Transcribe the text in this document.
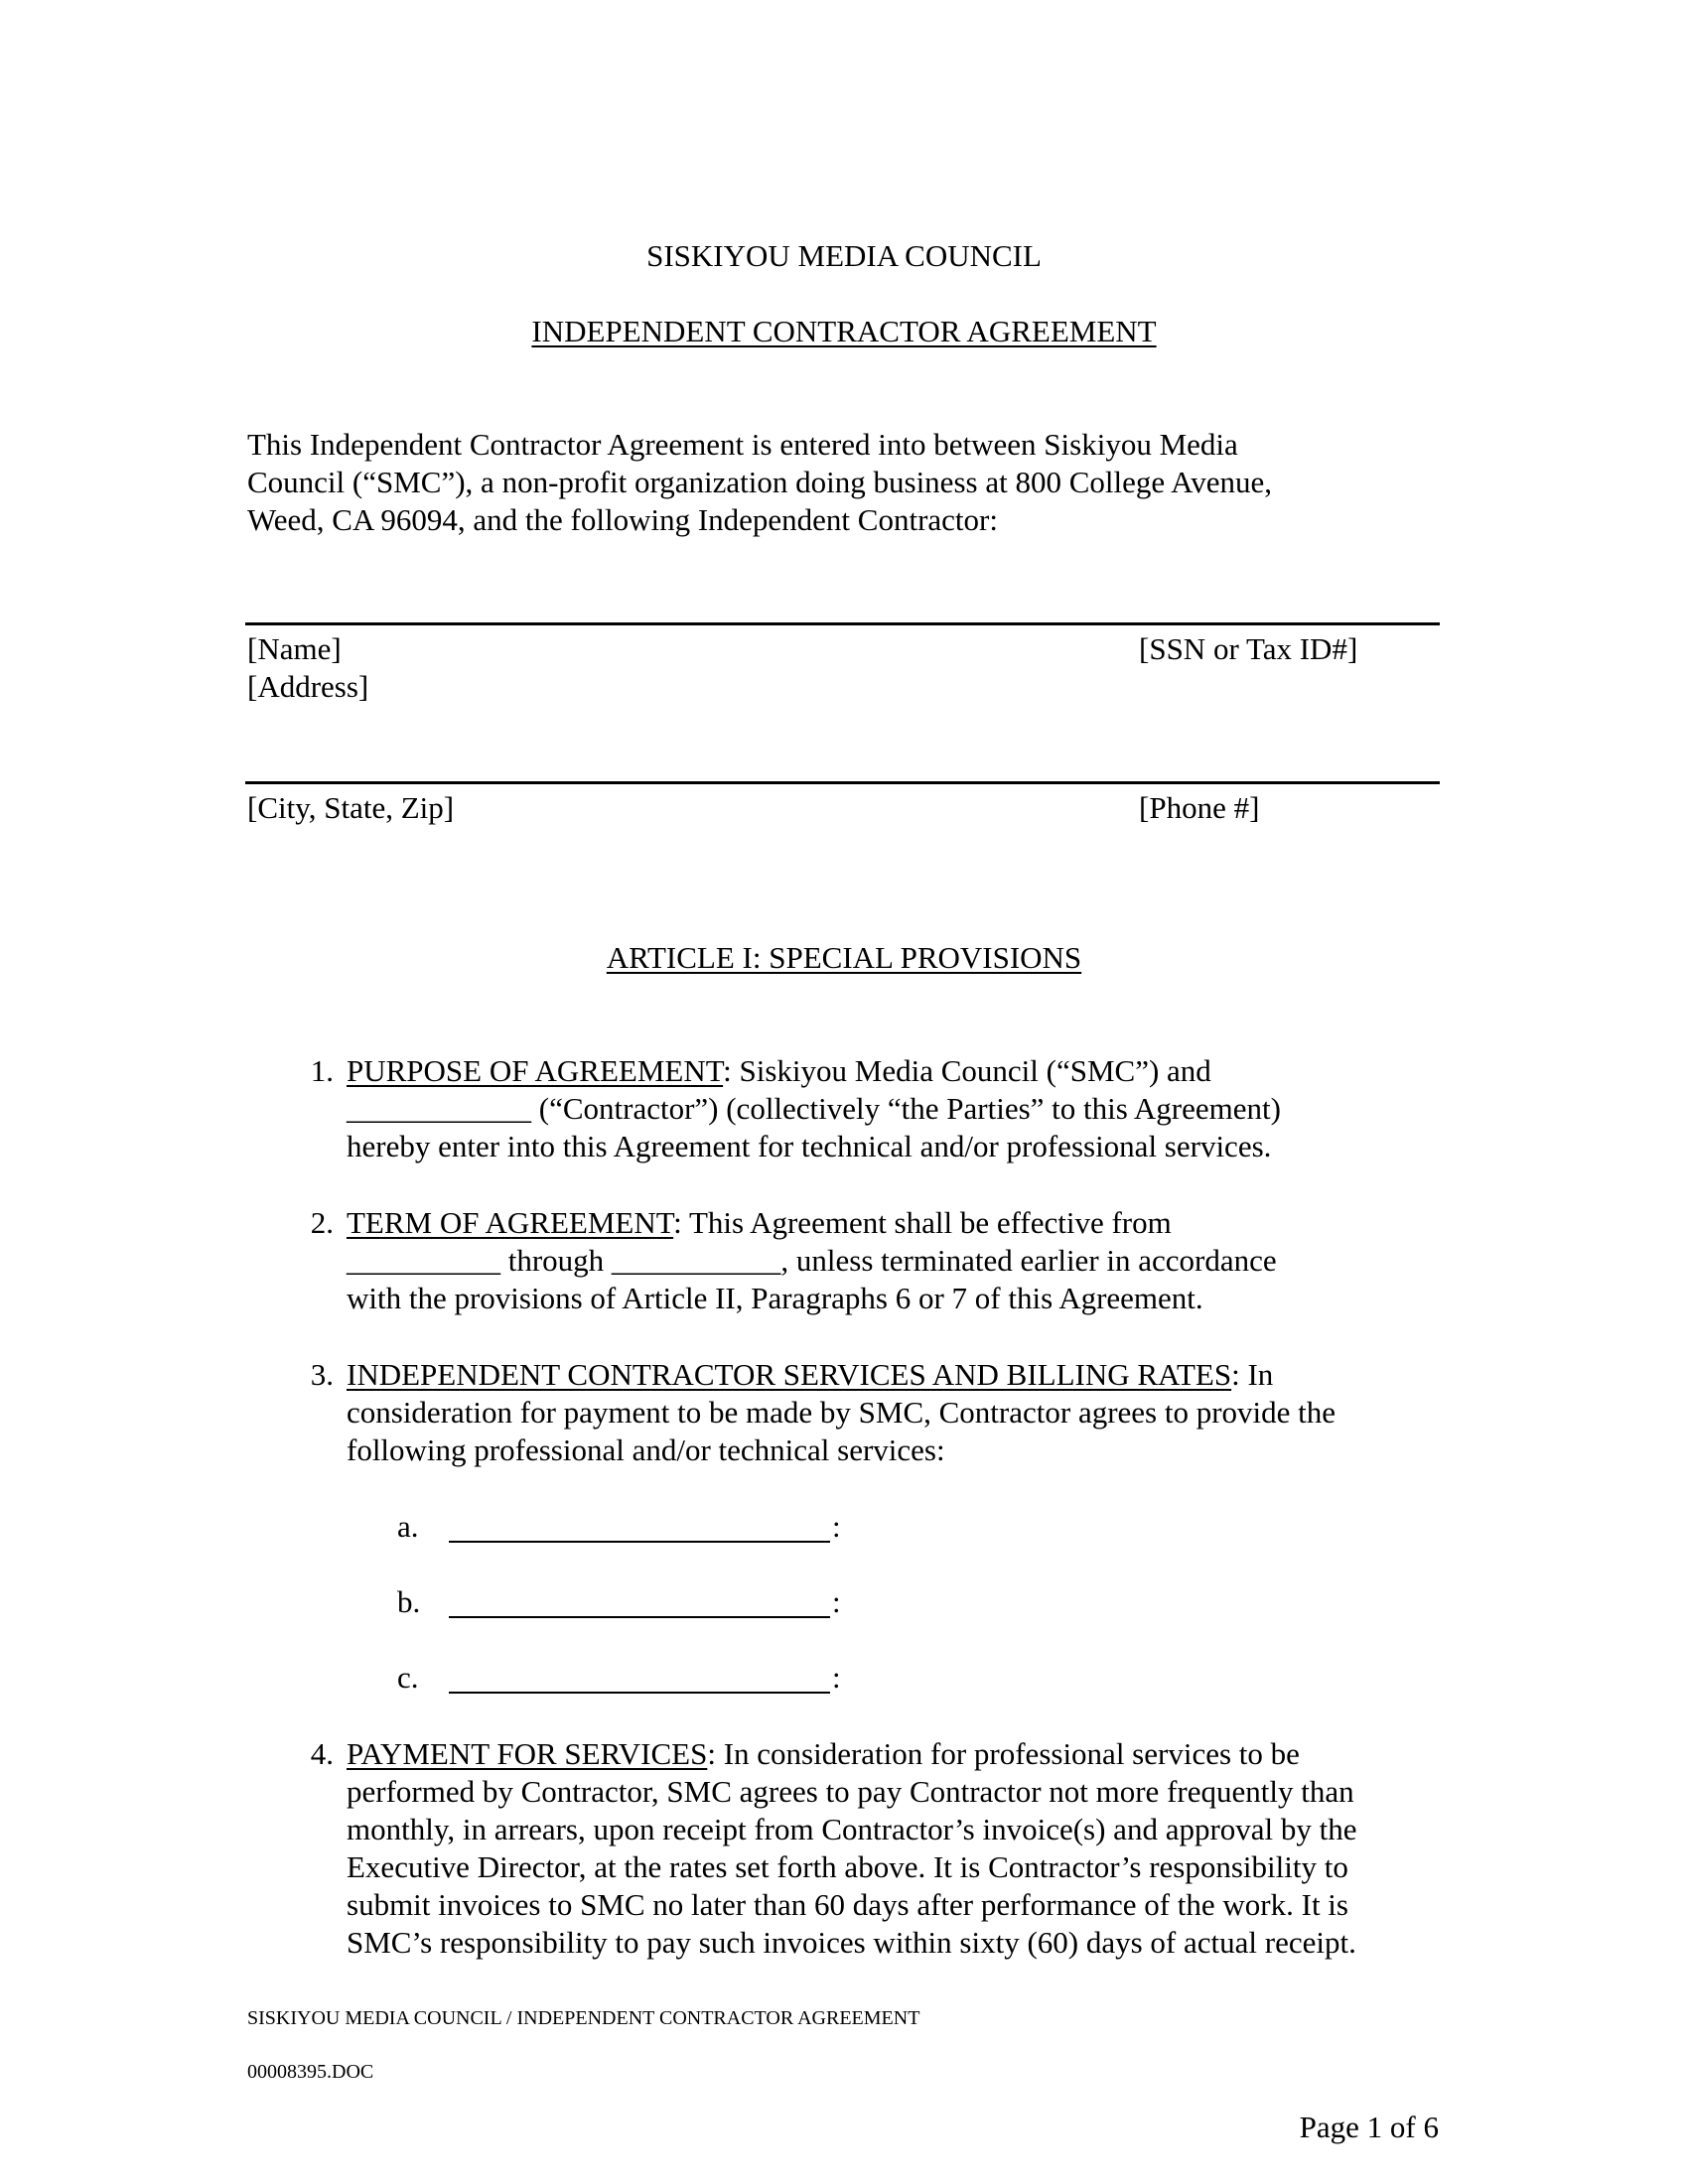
SISKIYOU MEDIA COUNCIL
INDEPENDENT CONTRACTOR AGREEMENT
This Independent Contractor Agreement is entered into between Siskiyou Media
Council (“SMC”), a non-profit organization doing business at 800 College Avenue,
Weed, CA 96094, and the following Independent Contractor:
[Name]	[SSN or Tax ID#]
[Address]
[City, State, Zip]	[Phone #]
ARTICLE I: SPECIAL PROVISIONS
1. PURPOSE OF AGREEMENT: Siskiyou Media Council (“SMC”) and
____________ (“Contractor”) (collectively “the Parties” to this Agreement)
hereby enter into this Agreement for technical and/or professional services.
2. TERM OF AGREEMENT: This Agreement shall be effective from
__________ through ___________, unless terminated earlier in accordance
with the provisions of Article II, Paragraphs 6 or 7 of this Agreement.
3. INDEPENDENT CONTRACTOR SERVICES AND BILLING RATES: In
consideration for payment to be made by SMC, Contractor agrees to provide the
following professional and/or technical services:
a.	:
b.	:
c.	:
4. PAYMENT FOR SERVICES: In consideration for professional services to be
performed by Contractor, SMC agrees to pay Contractor not more frequently than
monthly, in arrears, upon receipt from Contractor’s invoice(s) and approval by the
Executive Director, at the rates set forth above. It is Contractor’s responsibility to
submit invoices to SMC no later than 60 days after performance of the work. It is
SMC’s responsibility to pay such invoices within sixty (60) days of actual receipt.
SISKIYOU MEDIA COUNCIL / INDEPENDENT CONTRACTOR AGREEMENT
00008395.DOC
Page 1 of 6
